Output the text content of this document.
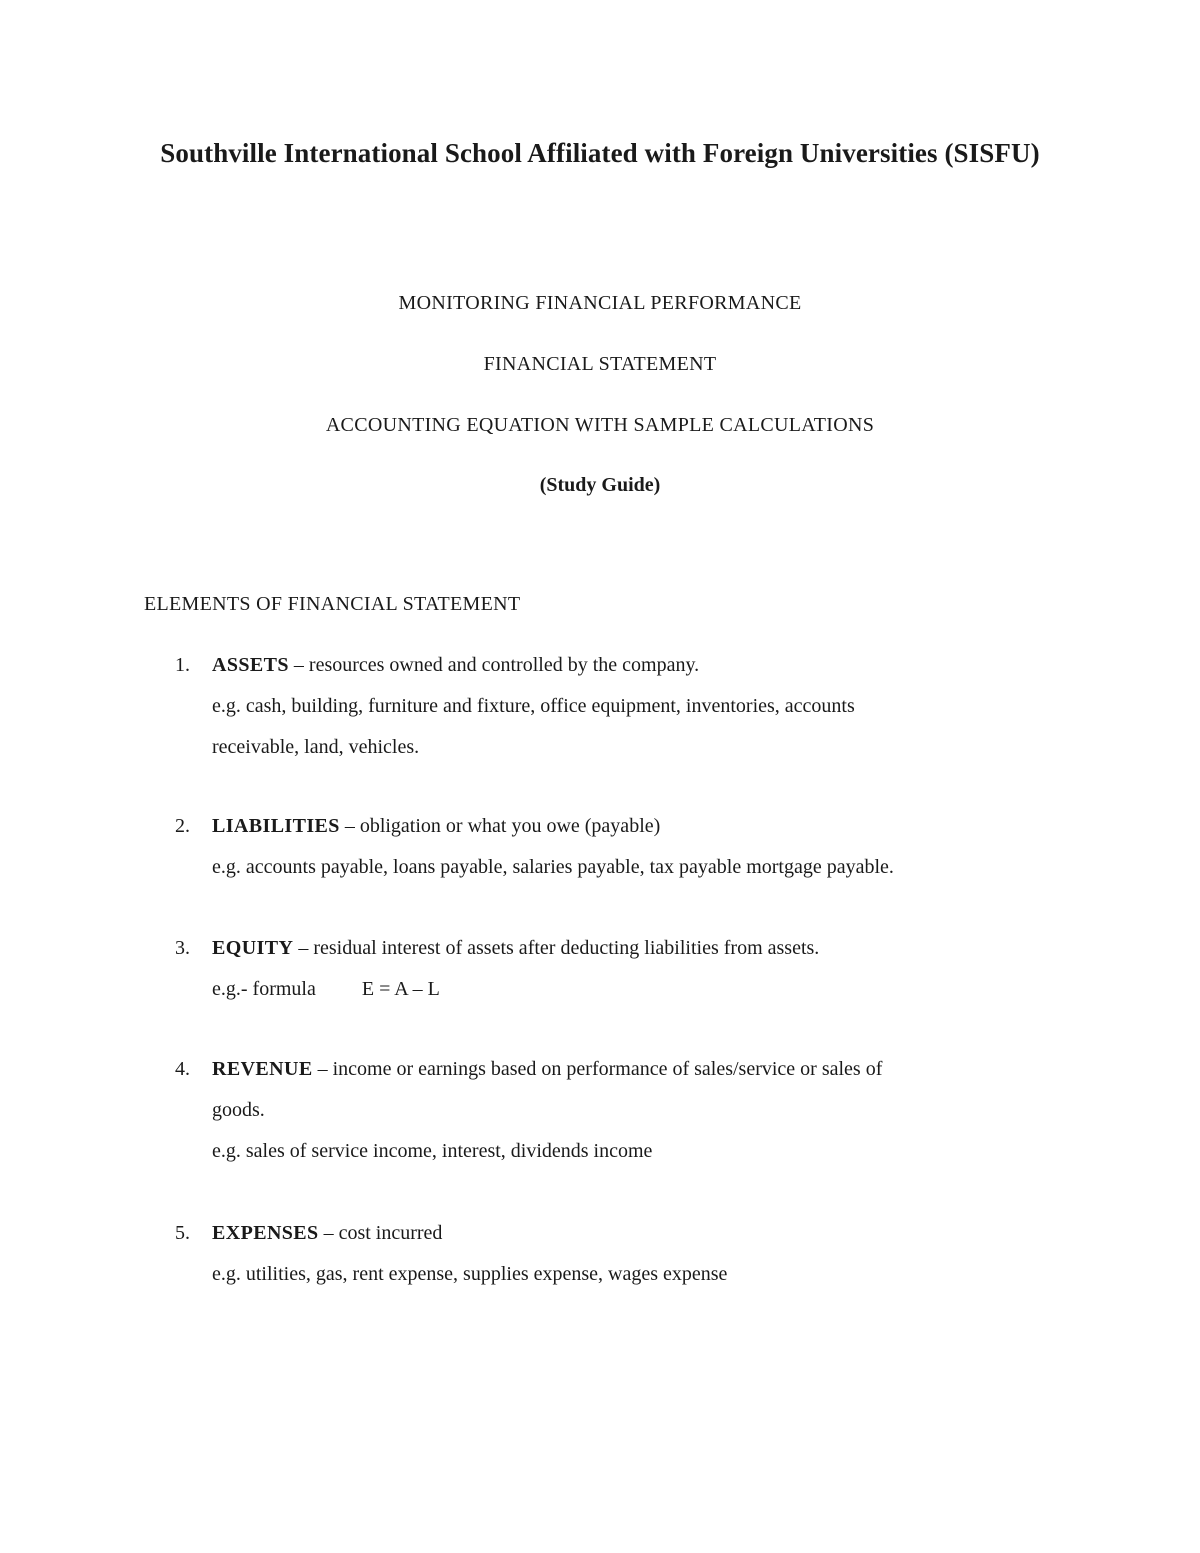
Southville International School Affiliated with Foreign Universities (SISFU)
MONITORING FINANCIAL PERFORMANCE
FINANCIAL STATEMENT
ACCOUNTING EQUATION WITH SAMPLE CALCULATIONS
(Study Guide)
ELEMENTS OF FINANCIAL STATEMENT
1. ASSETS – resources owned and controlled by the company.
e.g. cash, building, furniture and fixture, office equipment, inventories, accounts
receivable, land, vehicles.
2. LIABILITIES – obligation or what you owe (payable)
e.g. accounts payable, loans payable, salaries payable, tax payable mortgage payable.
3. EQUITY – residual interest of assets after deducting liabilities from assets.
e.g.- formula E = A – L
4. REVENUE – income or earnings based on performance of sales/service or sales of
goods.
e.g. sales of service income, interest, dividends income
5. EXPENSES – cost incurred
e.g. utilities, gas, rent expense, supplies expense, wages expense
